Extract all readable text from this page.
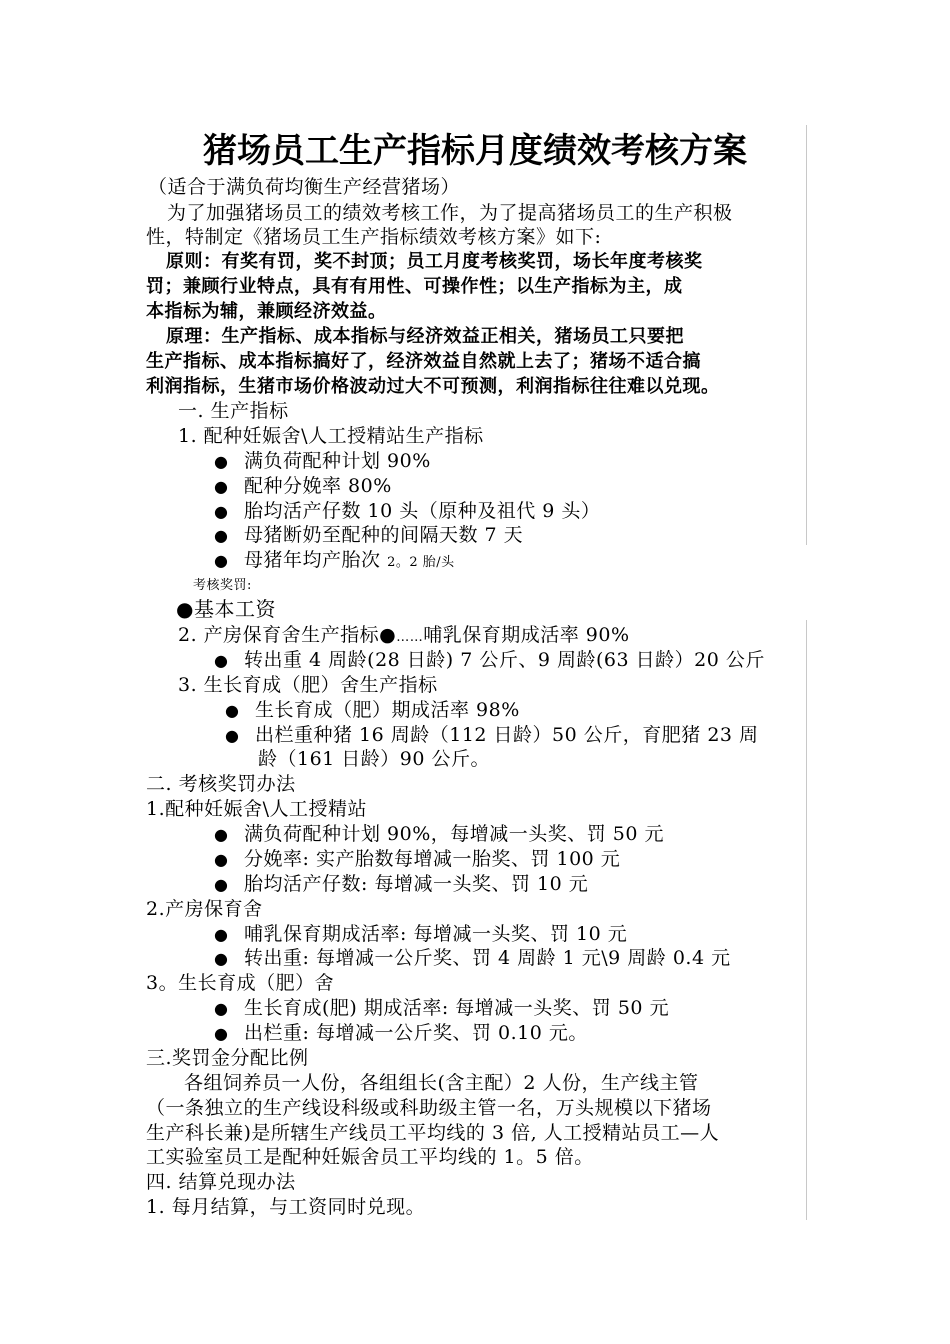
猪场员工生产指标月度绩效考核方案
（适合于满负荷均衡生产经营猪场）
为了加强猪场员工的绩效考核工作，为了提高猪场员工的生产积极
性，特制定《猪场员工生产指标绩效考核方案》如下:
原则：有奖有罚，奖不封顶；员工月度考核奖罚，场长年度考核奖
罚；兼顾行业特点，具有有用性、可操作性；以生产指标为主，成
本指标为辅，兼顾经济效益。
原理：生产指标、成本指标与经济效益正相关，猪场员工只要把
生产指标、成本指标搞好了，经济效益自然就上去了；猪场不适合搞
利润指标，生猪市场价格波动过大不可预测，利润指标往往难以兑现。
一. 生产指标
1. 配种妊娠舍\人工授精站生产指标
● 满负荷配种计划 90%
● 配种分娩率 80%
● 胎均活产仔数 10 头（原种及祖代 9 头）
● 母猪断奶至配种的间隔天数 7 天
● 母猪年均产胎次 2。2 胎/头
考核奖罚:
●基本工资
2. 产房保育舍生产指标●……哺乳保育期成活率 90%
● 转出重 4 周龄(28 日龄) 7 公斤、9 周龄(63 日龄）20 公斤
3. 生长育成（肥）舍生产指标
● 生长育成（肥）期成活率 98%
● 出栏重种猪 16 周龄（112 日龄）50 公斤，育肥猪 23 周
龄（161 日龄）90 公斤。
二. 考核奖罚办法
1.配种妊娠舍\人工授精站
● 满负荷配种计划 90%，每增减一头奖、罚 50 元
● 分娩率: 实产胎数每增减一胎奖、罚 100 元
● 胎均活产仔数: 每增减一头奖、罚 10 元
2.产房保育舍
● 哺乳保育期成活率: 每增减一头奖、罚 10 元
● 转出重: 每增减一公斤奖、罚 4 周龄 1 元\9 周龄 0.4 元
3。生长育成（肥）舍
● 生长育成(肥) 期成活率: 每增减一头奖、罚 50 元
● 出栏重: 每增减一公斤奖、罚 0.10 元。
三.奖罚金分配比例
各组饲养员一人份，各组组长(含主配）2 人份，生产线主管
（一条独立的生产线设科级或科助级主管一名，万头规模以下猪场
生产科长兼)是所辖生产线员工平均线的 3 倍, 人工授精站员工—人
工实验室员工是配种妊娠舍员工平均线的 1。5 倍。
四. 结算兑现办法
1. 每月结算，与工资同时兑现。
